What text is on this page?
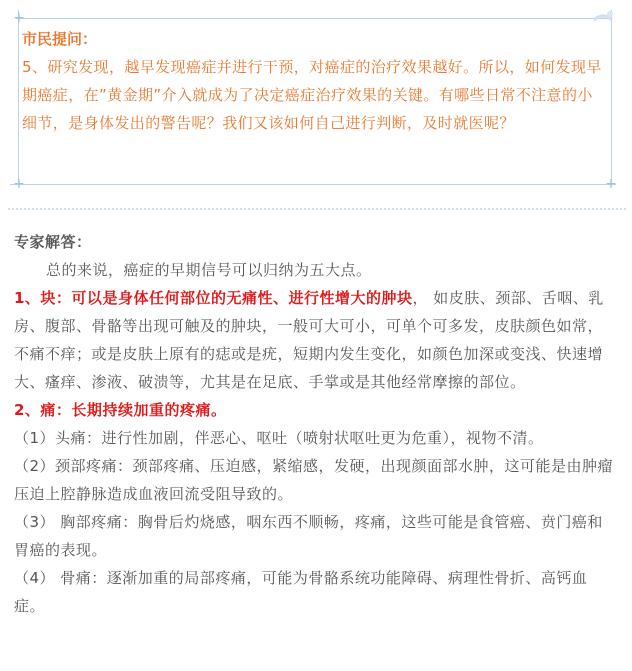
+
+	+
市民提问：
5、研究发现，越早发现癌症并进行干预，对癌症的治疗效果越好。所以，如何发现早期癌症，在”黄金期”介入就成为了决定癌症治疗效果的关键。有哪些日常不注意的小细节，是身体发出的警告呢？我们又该如何自己进行判断，及时就医呢？

专家解答：

总的来说，癌症的早期信号可以归纳为五大点。

1、块：可以是身体任何部位的无痛性、进行性增大的肿块， 如皮肤、颈部、舌咽、乳房、腹部、骨骼等出现可触及的肿块，一般可大可小，可单个可多发，皮肤颜色如常，不痛不痒；或是皮肤上原有的痣或是疣，短期内发生变化，如颜色加深或变浅、快速增大、瘙痒、渗液、破溃等，尤其是在足底、手掌或是其他经常摩擦的部位。

2、痛：长期持续加重的疼痛。

（1）头痛：进行性加剧，伴恶心、呕吐（喷射状呕吐更为危重），视物不清。

（2）颈部疼痛：颈部疼痛、压迫感，紧缩感，发硬，出现颜面部水肿，这可能是由肿瘤压迫上腔静脉造成血液回流受阻导致的。

（3） 胸部疼痛：胸骨后灼烧感，咽东西不顺畅，疼痛，这些可能是食管癌、贲门癌和胃癌的表现。

（4） 骨痛：逐渐加重的局部疼痛，可能为骨骼系统功能障碍、病理性骨折、高钙血症。
